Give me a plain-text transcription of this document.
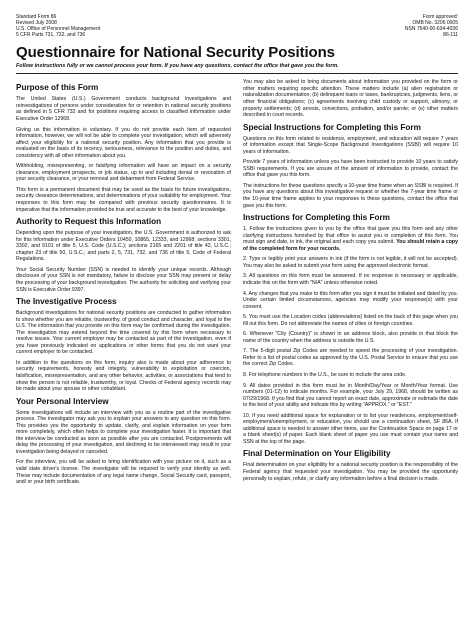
Standard Form 86
Revised July 2008
U.S. Office of Personnel Management
5 CFR Parts 731, 732, and 736
Form approved:
OMB No. 3206 0005
NSN 7540-00-634-4036
86-111
Questionnaire for National Security Positions
Follow instructions fully or we cannot process your form. If you have any questions, contact the office that gave you the form.
Purpose of this Form

The United States (U.S.) Government conducts background investigations and reinvestigations of persons under consideration for or retention in national security positions as defined in 5 CFR 732 and for positions requiring access to classified information under Executive Order 12968.

Giving us this information is voluntary. If you do not provide each item of requested information, however, we will not be able to complete your investigation, which will adversely affect your eligibility for a national security position. Any information that you provide is evaluated on the basis of its recency, seriousness, relevance to the position and duties, and consistency with all other information about you.

Withholding, misrepresenting, or falsifying information will have an impact on a security clearance, employment prospects, or job status, up to and including denial or revocation of your security clearance, or your removal and debarment from Federal Service.

This form is a permanent document that may be used as the basis for future investigations, security clearance determinations, and determinations of your suitability for employment. Your responses to this form may be compared with previous security questionnaires. It is imperative that the information provided be true and accurate to the best of your knowledge.

Authority to Request this Information

Depending upon the purpose of your investigation, the U.S. Government is authorized to ask for this information under Executive Orders 10450, 10865, 12333, and 12968; sections 3301, 3302, and 9101 of title 5, U.S. Code (U.S.C.); sections 2165 and 2201 of title 42, U.S.C.; chapter 23 of title 50, U.S.C.; and parts 2, 5, 731, 732, and 736 of title 5, Code of Federal Regulations.

Your Social Security Number (SSN) is needed to identify your unique records. Although disclosure of your SSN is not mandatory, failure to disclose your SSN may prevent or delay the processing of your background investigation. The authority for soliciting and verifying your SSN is Executive Order 9397.

The Investigative Process

Background investigations for national security positions are conducted to gather information to show whether you are reliable, trustworthy, of good conduct and character, and loyal to the U.S. The information that you provide on this form may be confirmed during the investigation. The investigation may extend beyond the time covered by this form when necessary to resolve issues. Your current employer may be contacted as part of the investigation, even if you have previously indicated on applications or other forms that you do not want your current employer to be contacted.

In addition to the questions on this form, inquiry also is made about your adherence to security requirements, honesty and integrity, vulnerability to exploitation or coercion, falsification, misrepresentation, and any other behavior, activities, or associations that tend to show the person is not reliable, trustworthy, or loyal. Checks of Federal agency records may be made about your spouse or other cohabitant.

Your Personal Interview

Some investigations will include an interview with you as a routine part of the investigative process. The investigator may ask you to explain your answers to any question on this form. This provides you the opportunity to update, clarify, and explain information on your form more completely, which often helps to complete your investigation faster. It is important that the interview be conducted as soon as possible after you are contacted. Postponements will delay the processing of your investigation, and declining to be interviewed may result in your investigation being delayed or canceled.

For the interview, you will be asked to bring identification with your picture on it, such as a valid state driver's license. The investigator will be required to verify your identity as well. These may include documentation of any legal name change, Social Security card, passport, and/ or your birth certificate.

You may also be asked to bring documents about information you provided on the form or other matters requiring specific attention. These matters include (a) alien registration or naturalization documentation; (b) delinquent loans or taxes, bankruptcies, judgments, liens, or other financial obligations; (c) agreements involving child custody or support, alimony, or property settlements; (d) arrests, convictions, probation, and/or parole; or (e) other matters described in court records.

Special Instructions for Completing this Form

Questions on this form related to residence, employment, and education will require 7 years of information except that Single-Scope Background Investigations (SSBI) will require 10 years of information.

Provide 7 years of information unless you have been instructed to provide 10 years to satisfy SSBI requirements. If you are unsure of the amount of information to provide, contact the office that gave you this form.

The instructions for these questions specify a 10-year time frame when an SSBI is required. If you have any questions about this investigative request or whether the 7-year time frame or the 10-year time frame applies to your responses to these questions, contact the office that gave you this form.

Instructions for Completing this Form

1. Follow the instructions given to you by the office that gave you this form and any other clarifying instructions furnished by that office to assist you in completion of this form. You must sign and date, in ink, the original and each copy you submit. You should retain a copy of the completed form for your records.

2. Type or legibly print your answers in ink (if the form is not legible, it will not be accepted). You may also be asked to submit your form using the approved electronic format.

3. All questions on this form must be answered. If no response is necessary or applicable, indicate this on the form with "N/A" unless otherwise noted.

4. Any changes that you make to this form after you sign it must be initialed and dated by you. Under certain limited circumstances, agencies may modify your response(s) with your consent.

5. You must use the Location codes (abbreviations) listed on the back of this page when you fill out this form. Do not abbreviate the names of cities or foreign countries.

6. Whenever "City (Country)" is shown in an address block, also provide in that block the name of the country when the address is outside the U.S.

7. The 5-digit postal Zip Codes are needed to speed the processing of your investigation. Refer to a list of postal codes as approved by the U.S. Postal Service to ensure that you use the correct Zip Codes.

8. For telephone numbers in the U.S., be sure to include the area code.

9. All dates provided in this form must be in Month/Day/Year or Month/Year format. Use numbers (01-12) to indicate months. For example, your July 29, 1968, should be written as 07/29/1968. If you find that you cannot report an exact date, approximate or estimate the date to the best of your ability and indicate this by writing "APPROX." or "EST."

10. If you need additional space for explanation or to list your residences, employment/self-employment/unemployment, or education, you should use a continuation sheet, SF 86A. If additional space is needed to answer other items, use the Continuation Space on page 17 or a blank sheet(s) of paper. Each blank sheet of paper you use must contain your name and SSN at the top of the page.

Final Determination on Your Eligibility

Final determination on your eligibility for a national security position is the responsibility of the Federal agency that requested your investigation. You may be provided the opportunity personally to explain, refute, or clarify any information before a final decision is made.
